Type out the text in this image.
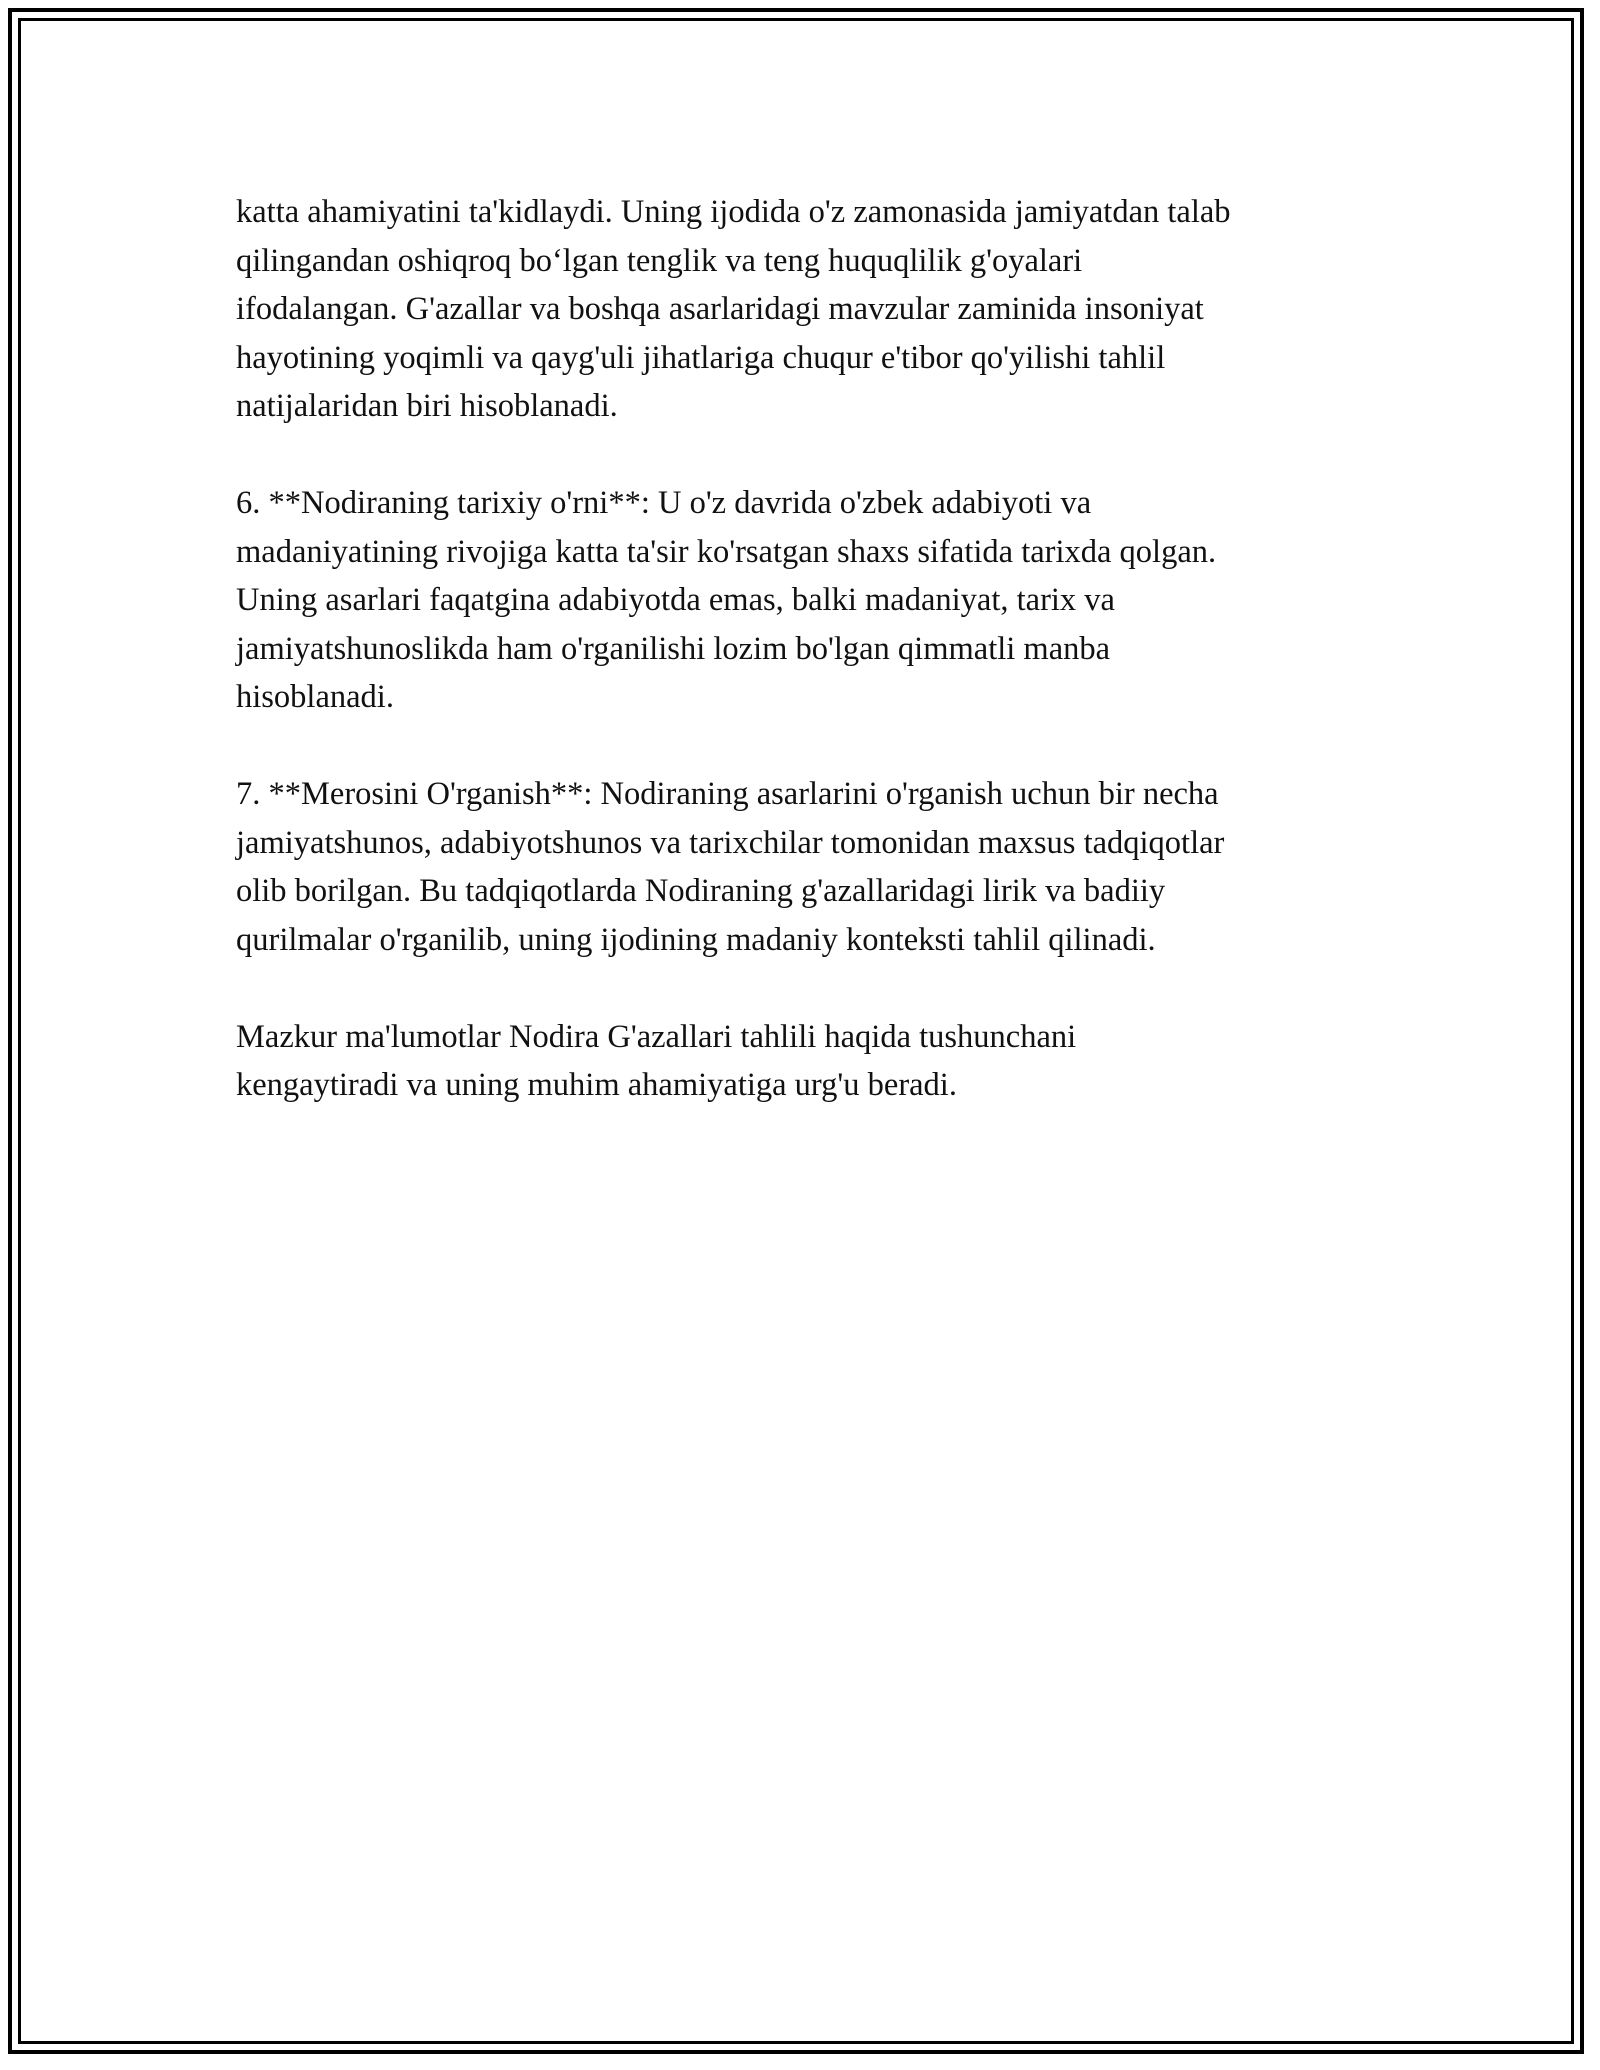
katta ahamiyatini ta'kidlaydi. Uning ijodida o'z zamonasida jamiyatdan talab
qilingandan oshiqroq bo‘lgan tenglik va teng huquqlilik g'oyalari
ifodalangan. G'azallar va boshqa asarlaridagi mavzular zaminida insoniyat
hayotining yoqimli va qayg'uli jihatlariga chuqur e'tibor qo'yilishi tahlil
natijalaridan biri hisoblanadi.

6. **Nodiraning tarixiy o'rni**: U o'z davrida o'zbek adabiyoti va
madaniyatining rivojiga katta ta'sir ko'rsatgan shaxs sifatida tarixda qolgan.
Uning asarlari faqatgina adabiyotda emas, balki madaniyat, tarix va
jamiyatshunoslikda ham o'rganilishi lozim bo'lgan qimmatli manba
hisoblanadi.

7. **Merosini O'rganish**: Nodiraning asarlarini o'rganish uchun bir necha
jamiyatshunos, adabiyotshunos va tarixchilar tomonidan maxsus tadqiqotlar
olib borilgan. Bu tadqiqotlarda Nodiraning g'azallaridagi lirik va badiiy
qurilmalar o'rganilib, uning ijodining madaniy konteksti tahlil qilinadi.

Mazkur ma'lumotlar Nodira G'azallari tahlili haqida tushunchani
kengaytiradi va uning muhim ahamiyatiga urg'u beradi.
